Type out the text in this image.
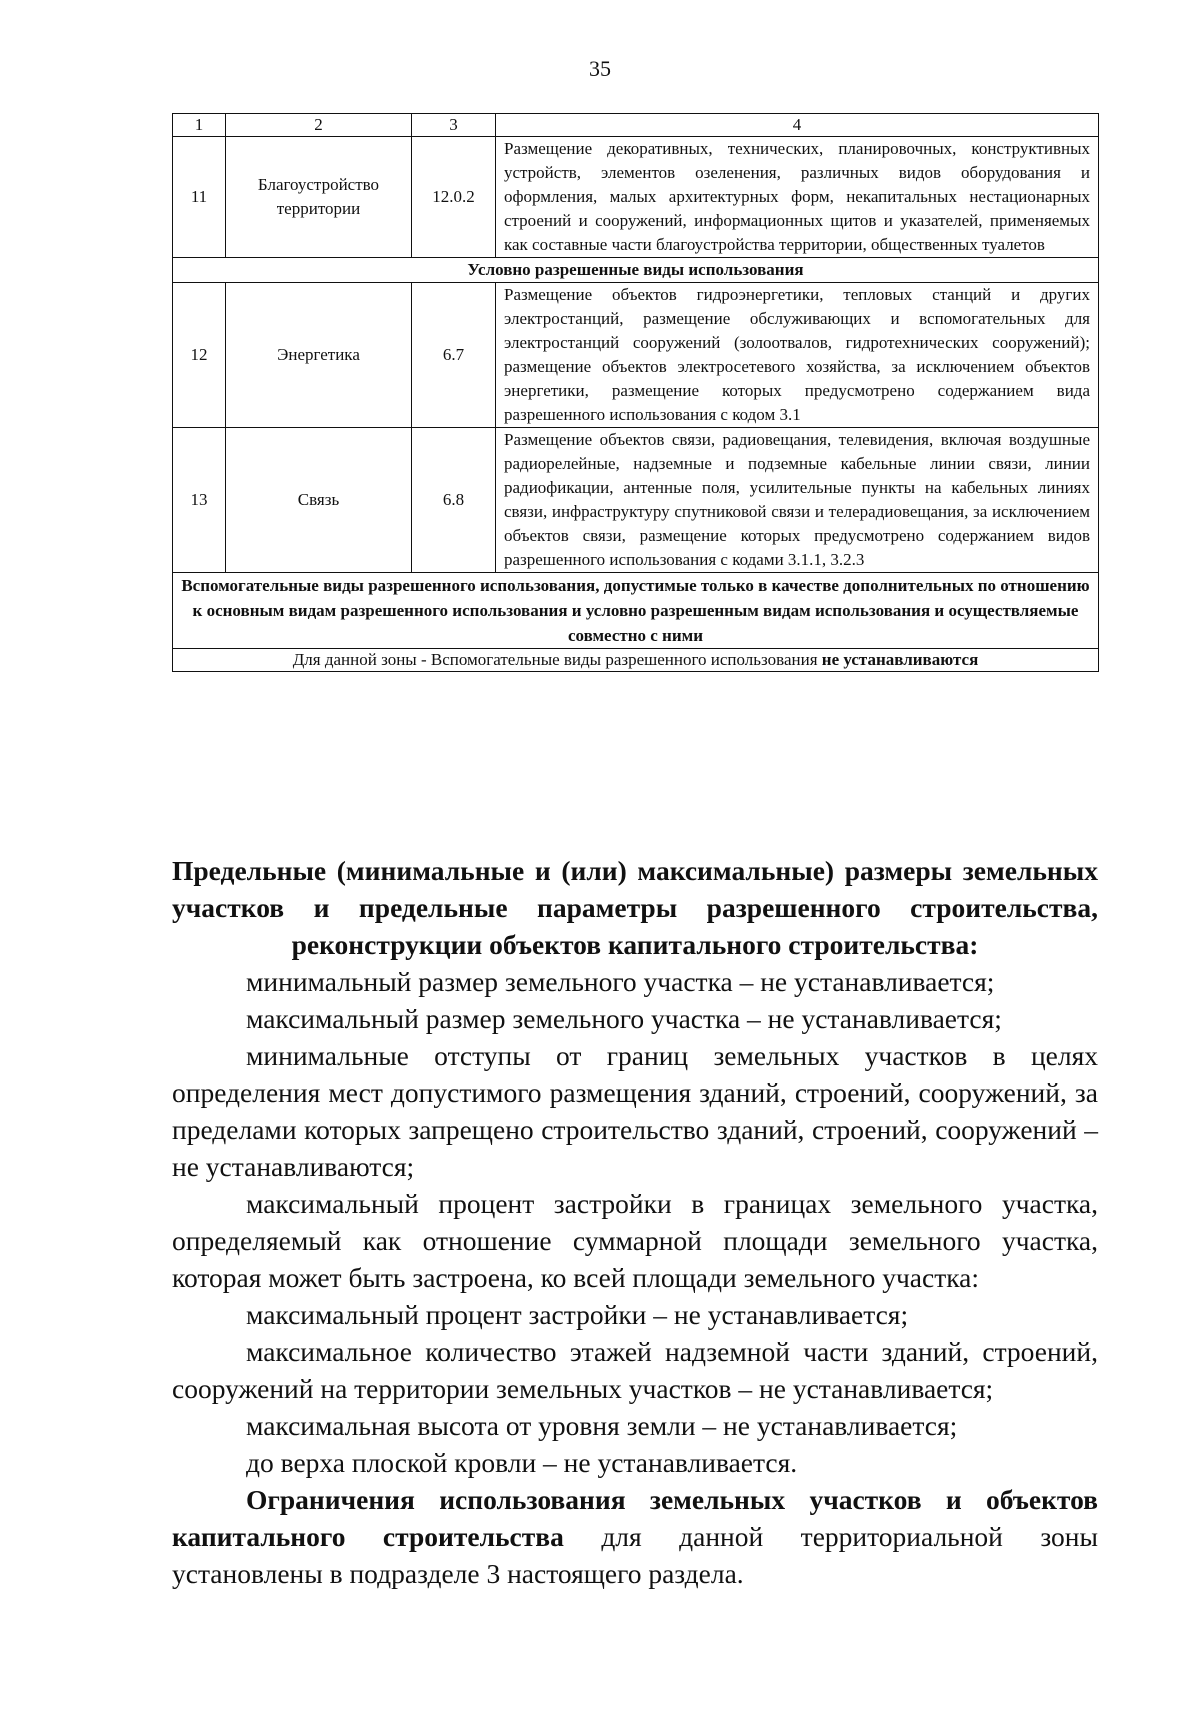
35
1	2	3	4
11	Благоустройство территории	12.0.2	Размещение декоративных, технических, планировочных, конструктивных устройств, элементов озеленения, различных видов оборудования и оформления, малых архитектурных форм, некапитальных нестационарных строений и сооружений, информационных щитов и указателей, применяемых как составные части благоустройства территории, общественных туалетов
Условно разрешенные виды использования			
12	Энергетика	6.7	Размещение объектов гидроэнергетики, тепловых станций и других электростанций, размещение обслуживающих и вспомогательных для электростанций сооружений (золоотвалов, гидротехнических сооружений); размещение объектов электросетевого хозяйства, за исключением объектов энергетики, размещение которых предусмотрено содержанием вида разрешенного использования с кодом 3.1
13	Связь	6.8	Размещение объектов связи, радиовещания, телевидения, включая воздушные радиорелейные, надземные и подземные кабельные линии связи, линии радиофикации, антенные поля, усилительные пункты на кабельных линиях связи, инфраструктуру спутниковой связи и телерадиовещания, за исключением объектов связи, размещение которых предусмотрено содержанием видов разрешенного использования с кодами 3.1.1, 3.2.3
Вспомогательные виды разрешенного использования, допустимые только в качестве дополнительных по отношению к основным видам разрешенного использования и условно разрешенным видам использования и осуществляемые совместно с ними			
Для данной зоны - Вспомогательные виды разрешенного использования не устанавливаются			

Предельные (минимальные и (или) максимальные) размеры земельных участков и предельные параметры разрешенного строительства, реконструкции объектов капитального строительства:

минимальный размер земельного участка – не устанавливается;

максимальный размер земельного участка – не устанавливается;

минимальные отступы от границ земельных участков в целях определения мест допустимого размещения зданий, строений, сооружений, за пределами которых запрещено строительство зданий, строений, сооружений – не устанавливаются;

максимальный процент застройки в границах земельного участка, определяемый как отношение суммарной площади земельного участка, которая может быть застроена, ко всей площади земельного участка:

максимальный процент застройки – не устанавливается;

максимальное количество этажей надземной части зданий, строений, сооружений на территории земельных участков – не устанавливается;

максимальная высота от уровня земли – не устанавливается;

до верха плоской кровли – не устанавливается.

Ограничения использования земельных участков и объектов капитального строительства для данной территориальной зоны установлены в подразделе 3 настоящего раздела.
